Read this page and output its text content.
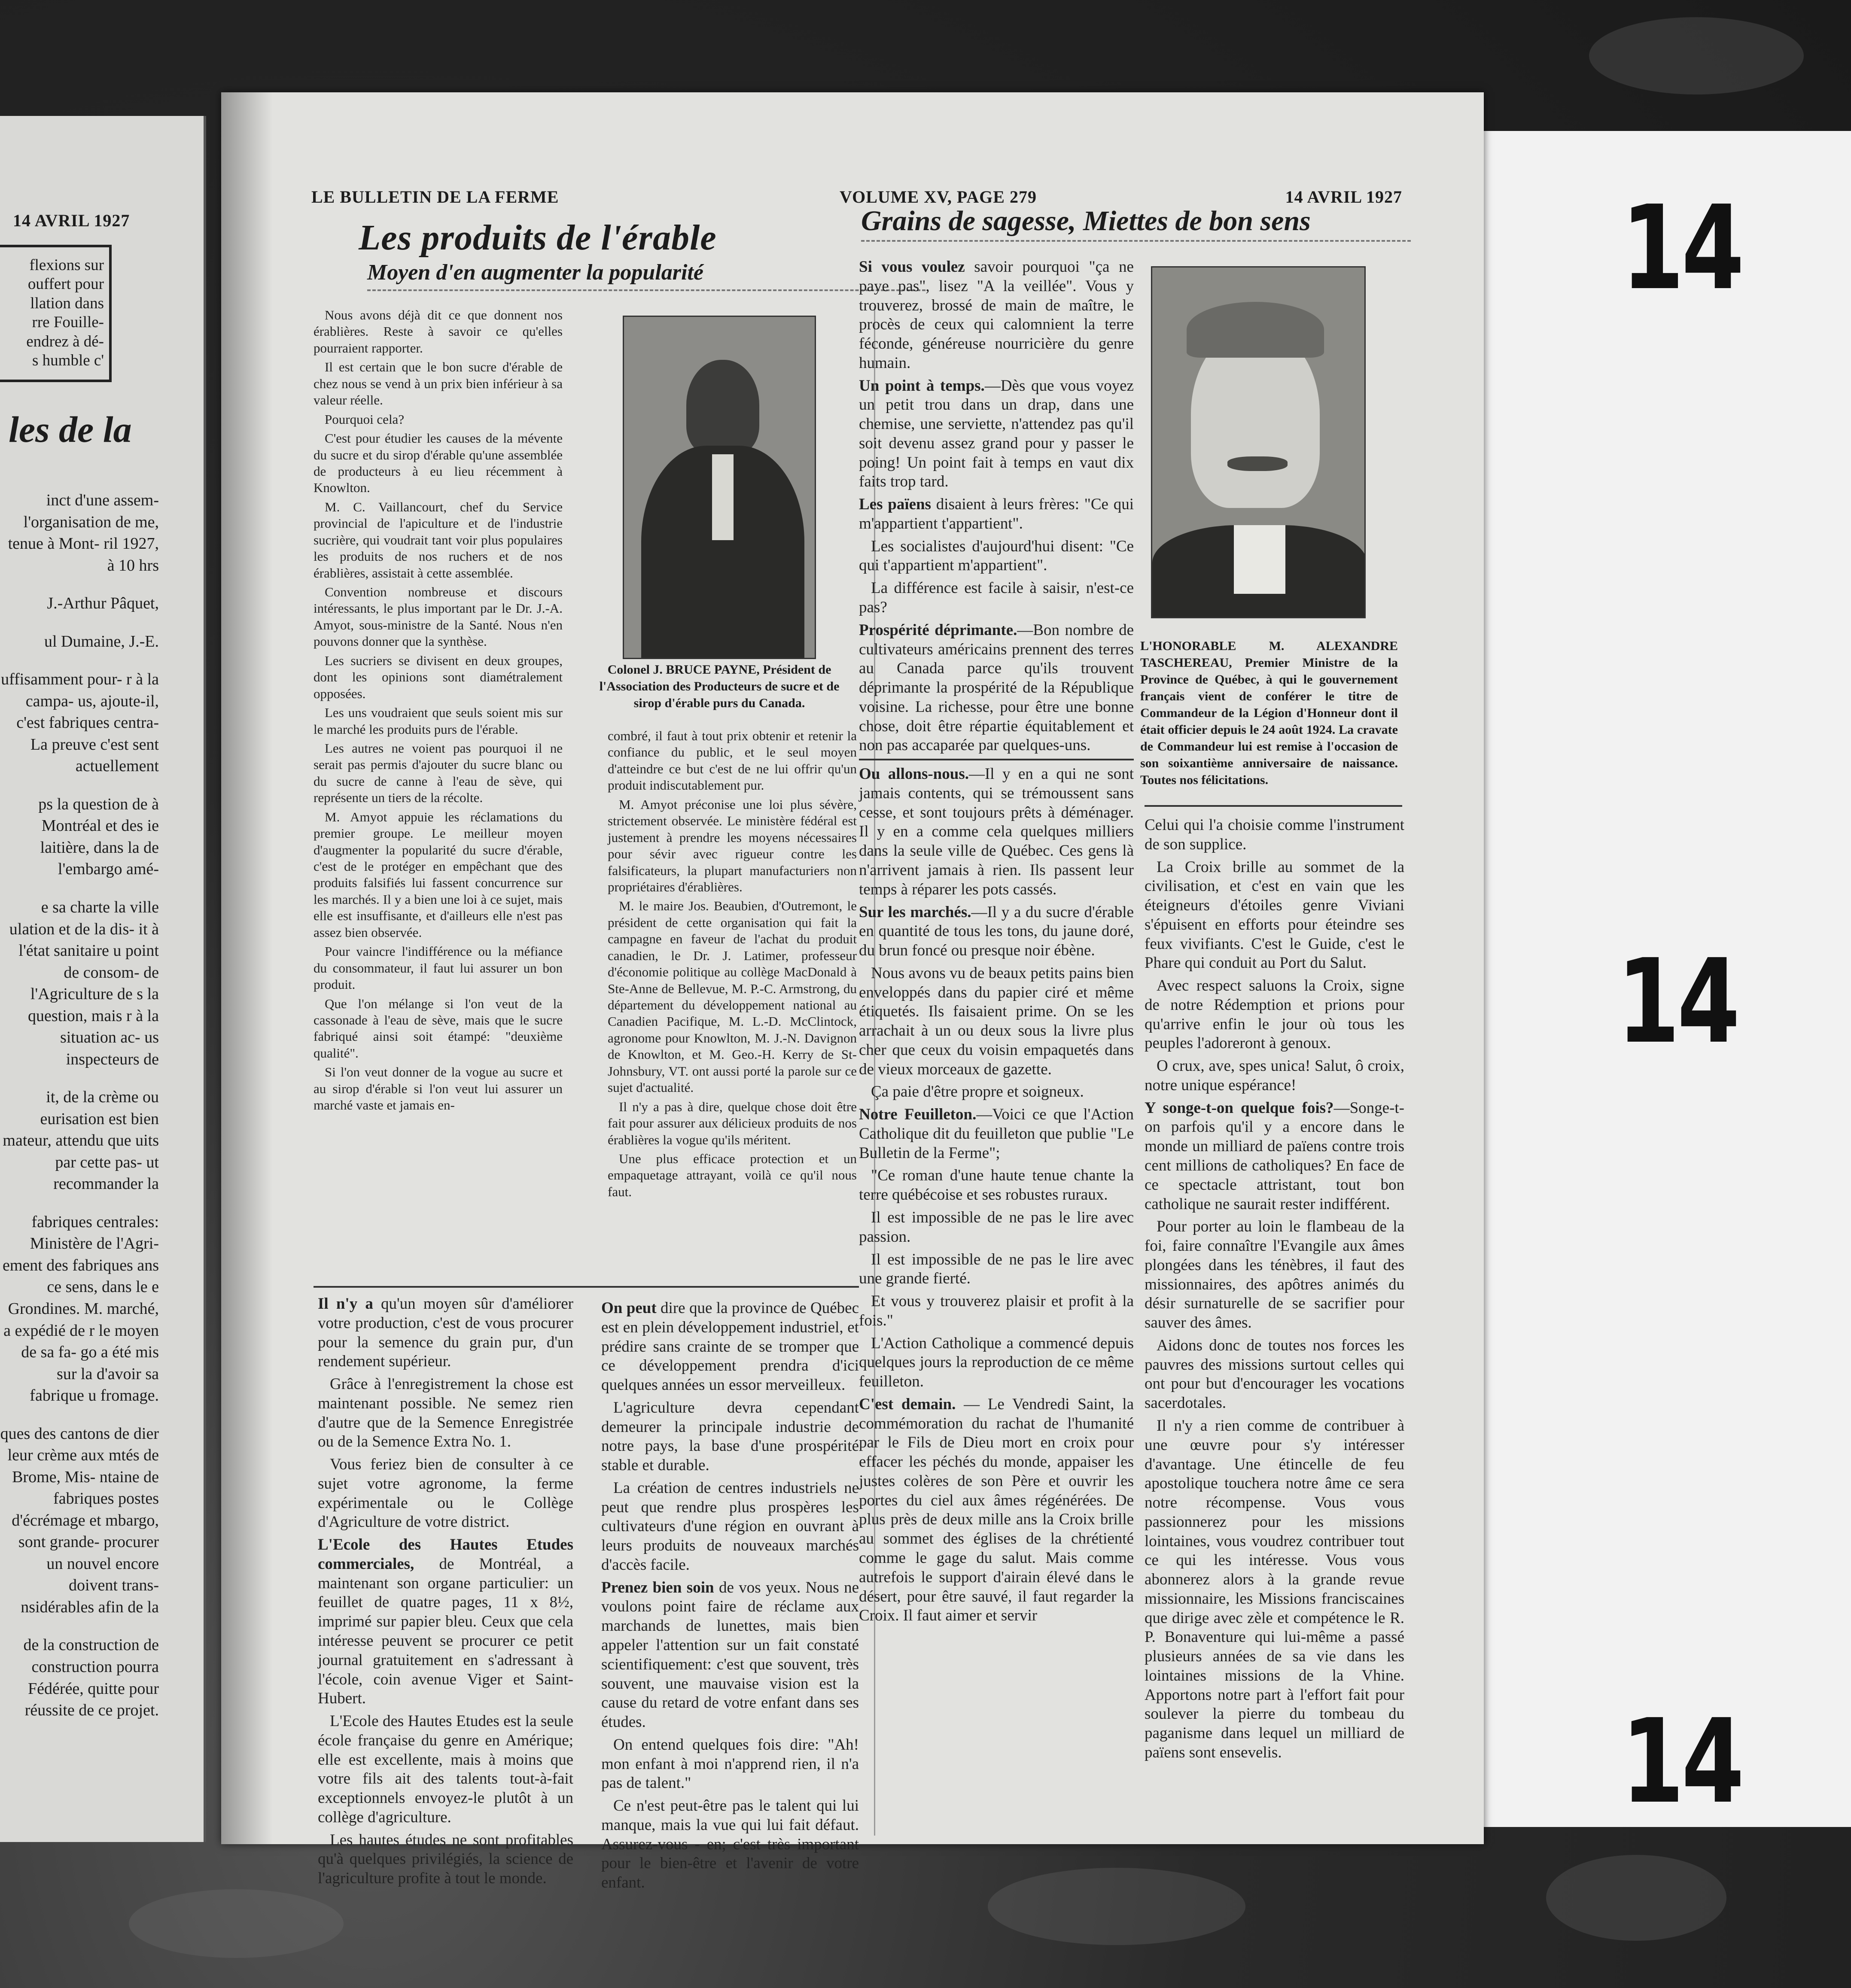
14 AVRIL 1927
flexions sur
ouffert pour
llation dans
rre Fouille-
endrez à dé-
s humble c'
les de la

inct d'une assem- l'organisation de me, tenue à Mont- ril 1927, à 10 hrs

J.-Arthur Pâquet,

ul Dumaine, J.-E.

uffisamment pour- r à la campa- us, ajoute-il, c'est fabriques centra- La preuve c'est sent actuellement

ps la question de à Montréal et des ie laitière, dans la de l'embargo amé-

e sa charte la ville ulation et de la dis- it à l'état sanitaire u point de consom- de l'Agriculture de s la question, mais r à la situation ac- us inspecteurs de

it, de la crème ou eurisation est bien mateur, attendu que uits par cette pas- ut recommander la

fabriques centrales: Ministère de l'Agri- ement des fabriques ans ce sens, dans le e Grondines. M. marché, a expédié de r le moyen de sa fa- go a été mis sur la d'avoir sa fabrique u fromage.

ques des cantons de dier leur crème aux mtés de Brome, Mis- ntaine de fabriques postes d'écrémage et mbargo, sont grande- procurer un nouvel encore doivent trans- nsidérables afin de la

de la construction de construction pourra Fédérée, quitte pour réussite de ce projet.

14
14
14
LE BULLETIN DE LA FERME	VOLUME XV, PAGE 279	14 AVRIL 1927
Les produits de l'érable
Moyen d'en augmenter la popularité
Grains de sagesse, Miettes de bon sens

Nous avons déjà dit ce que donnent nos érablières. Reste à savoir ce qu'elles pourraient rapporter.

Il est certain que le bon sucre d'érable de chez nous se vend à un prix bien inférieur à sa valeur réelle.

Pourquoi cela?

C'est pour étudier les causes de la mévente du sucre et du sirop d'érable qu'une assemblée de producteurs à eu lieu récemment à Knowlton.

M. C. Vaillancourt, chef du Service provincial de l'apiculture et de l'industrie sucrière, qui voudrait tant voir plus populaires les produits de nos ruchers et de nos érablières, assistait à cette assemblée.

Convention nombreuse et discours intéressants, le plus important par le Dr. J.-A. Amyot, sous-ministre de la Santé. Nous n'en pouvons donner que la synthèse.

Les sucriers se divisent en deux groupes, dont les opinions sont diamétralement opposées.

Les uns voudraient que seuls soient mis sur le marché les produits purs de l'érable.

Les autres ne voient pas pourquoi il ne serait pas permis d'ajouter du sucre blanc ou du sucre de canne à l'eau de sève, qui représente un tiers de la récolte.

M. Amyot appuie les réclamations du premier groupe. Le meilleur moyen d'augmenter la popularité du sucre d'érable, c'est de le protéger en empêchant que des produits falsifiés lui fassent concurrence sur les marchés. Il y a bien une loi à ce sujet, mais elle est insuffisante, et d'ailleurs elle n'est pas assez bien observée.

Pour vaincre l'indifférence ou la méfiance du consommateur, il faut lui assurer un bon produit.

Que l'on mélange si l'on veut de la cassonade à l'eau de sève, mais que le sucre fabriqué ainsi soit étampé: "deuxième qualité".

Si l'on veut donner de la vogue au sucre et au sirop d'érable si l'on veut lui assurer un marché vaste et jamais en-

Colonel J. BRUCE PAYNE, Président de l'Association des Producteurs de sucre et de sirop d'érable purs du Canada.

combré, il faut à tout prix obtenir et retenir la confiance du public, et le seul moyen d'atteindre ce but c'est de ne lui offrir qu'un produit indiscutablement pur.

M. Amyot préconise une loi plus sévère, strictement observée. Le ministère fédéral est justement à prendre les moyens nécessaires pour sévir avec rigueur contre les falsificateurs, la plupart manufacturiers non propriétaires d'érablières.

M. le maire Jos. Beaubien, d'Outremont, le président de cette organisation qui fait la campagne en faveur de l'achat du produit canadien, le Dr. J. Latimer, professeur d'économie politique au collège MacDonald à Ste-Anne de Bellevue, M. P.-C. Armstrong, du département du développement national au Canadien Pacifique, M. L.-D. McClintock, agronome pour Knowlton, M. J.-N. Davignon de Knowlton, et M. Geo.-H. Kerry de St-Johnsbury, VT. ont aussi porté la parole sur ce sujet d'actualité.

Il n'y a pas à dire, quelque chose doit être fait pour assurer aux délicieux produits de nos érablières la vogue qu'ils méritent.

Une plus efficace protection et un empaquetage attrayant, voilà ce qu'il nous faut.

Il n'y a qu'un moyen sûr d'améliorer votre production, c'est de vous procurer pour la semence du grain pur, d'un rendement supérieur.

Grâce à l'enregistrement la chose est maintenant possible. Ne semez rien d'autre que de la Semence Enregistrée ou de la Semence Extra No. 1.

Vous feriez bien de consulter à ce sujet votre agronome, la ferme expérimentale ou le Collège d'Agriculture de votre district.

L'Ecole des Hautes Etudes commerciales, de Montréal, a maintenant son organe particulier: un feuillet de quatre pages, 11 x 8½, imprimé sur papier bleu. Ceux que cela intéresse peuvent se procurer ce petit journal gratuitement en s'adressant à l'école, coin avenue Viger et Saint-Hubert.

L'Ecole des Hautes Etudes est la seule école française du genre en Amérique; elle est excellente, mais à moins que votre fils ait des talents tout-à-fait exceptionnels envoyez-le plutôt à un collège d'agriculture.

Les hautes études ne sont profitables qu'à quelques privilégiés, la science de l'agriculture profite à tout le monde.

On peut dire que la province de Québec est en plein développement industriel, et prédire sans crainte de se tromper que ce développement prendra d'ici quelques années un essor merveilleux.

L'agriculture devra cependant demeurer la principale industrie de notre pays, la base d'une prospérité stable et durable.

La création de centres industriels ne peut que rendre plus prospères les cultivateurs d'une région en ouvrant à leurs produits de nouveaux marchés d'accès facile.

Prenez bien soin de vos yeux. Nous ne voulons point faire de réclame aux marchands de lunettes, mais bien appeler l'attention sur un fait constaté scientifiquement: c'est que souvent, très souvent, une mauvaise vision est la cause du retard de votre enfant dans ses études.

On entend quelques fois dire: "Ah! mon enfant à moi n'apprend rien, il n'a pas de talent."

Ce n'est peut-être pas le talent qui lui manque, mais la vue qui lui fait défaut. Assurez-vous - en; c'est très important pour le bien-être et l'avenir de votre enfant.

Si vous voulez savoir pourquoi "ça ne paye pas", lisez "A la veillée". Vous y trouverez, brossé de main de maître, le procès de ceux qui calomnient la terre féconde, généreuse nourricière du genre humain.

Un point à temps.—Dès que vous voyez un petit trou dans un drap, dans une chemise, une serviette, n'attendez pas qu'il soit devenu assez grand pour y passer le poing! Un point fait à temps en vaut dix faits trop tard.

Les païens disaient à leurs frères: "Ce qui m'appartient t'appartient".

Les socialistes d'aujourd'hui disent: "Ce qui t'appartient m'appartient".

La différence est facile à saisir, n'est-ce pas?

Prospérité déprimante.—Bon nombre de cultivateurs américains prennent des terres au Canada parce qu'ils trouvent déprimante la prospérité de la République voisine. La richesse, pour être une bonne chose, doit être répartie équitablement et non pas accaparée par quelques-uns.

Ou allons-nous.—Il y en a qui ne sont jamais contents, qui se trémoussent sans cesse, et sont toujours prêts à déménager. Il y en a comme cela quelques milliers dans la seule ville de Québec. Ces gens là n'arrivent jamais à rien. Ils passent leur temps à réparer les pots cassés.

Sur les marchés.—Il y a du sucre d'érable en quantité de tous les tons, du jaune doré, du brun foncé ou presque noir ébène.

Nous avons vu de beaux petits pains bien enveloppés dans du papier ciré et même étiquetés. Ils faisaient prime. On se les arrachait à un ou deux sous la livre plus cher que ceux du voisin empaquetés dans de vieux morceaux de gazette.

Ça paie d'être propre et soigneux.

Notre Feuilleton.—Voici ce que l'Action Catholique dit du feuilleton que publie "Le Bulletin de la Ferme";

"Ce roman d'une haute tenue chante la terre québécoise et ses robustes ruraux.

Il est impossible de ne pas le lire avec passion.

Il est impossible de ne pas le lire avec une grande fierté.

Et vous y trouverez plaisir et profit à la fois."

L'Action Catholique a commencé depuis quelques jours la reproduction de ce même feuilleton.

C'est demain. — Le Vendredi Saint, la commémoration du rachat de l'humanité par le Fils de Dieu mort en croix pour effacer les péchés du monde, appaiser les justes colères de son Père et ouvrir les portes du ciel aux âmes régénérées. De plus près de deux mille ans la Croix brille au sommet des églises de la chrétienté comme le gage du salut. Mais comme autrefois le support d'airain élevé dans le désert, pour être sauvé, il faut regarder la Croix. Il faut aimer et servir

L'HONORABLE M. ALEXANDRE TASCHEREAU, Premier Ministre de la Province de Québec, à qui le gouvernement français vient de conférer le titre de Commandeur de la Légion d'Honneur dont il était officier depuis le 24 août 1924. La cravate de Commandeur lui est remise à l'occasion de son soixantième anniversaire de naissance. Toutes nos félicitations.

Celui qui l'a choisie comme l'instrument de son supplice.

La Croix brille au sommet de la civilisation, et c'est en vain que les éteigneurs d'étoiles genre Viviani s'épuisent en efforts pour éteindre ses feux vivifiants. C'est le Guide, c'est le Phare qui conduit au Port du Salut.

Avec respect saluons la Croix, signe de notre Rédemption et prions pour qu'arrive enfin le jour où tous les peuples l'adoreront à genoux.

O crux, ave, spes unica! Salut, ô croix, notre unique espérance!

Y songe-t-on quelque fois?—Songe-t-on parfois qu'il y a encore dans le monde un milliard de païens contre trois cent millions de catholiques? En face de ce spectacle attristant, tout bon catholique ne saurait rester indifférent.

Pour porter au loin le flambeau de la foi, faire connaître l'Evangile aux âmes plongées dans les ténèbres, il faut des missionnaires, des apôtres animés du désir surnaturelle de se sacrifier pour sauver des âmes.

Aidons donc de toutes nos forces les pauvres des missions surtout celles qui ont pour but d'encourager les vocations sacerdotales.

Il n'y a rien comme de contribuer à une œuvre pour s'y intéresser d'avantage. Une étincelle de feu apostolique touchera notre âme ce sera notre récompense. Vous vous passionnerez pour les missions lointaines, vous voudrez contribuer tout ce qui les intéresse. Vous vous abonnerez alors à la grande revue missionnaire, les Missions franciscaines que dirige avec zèle et compétence le R. P. Bonaventure qui lui-même a passé plusieurs années de sa vie dans les lointaines missions de la Vhine. Apportons notre part à l'effort fait pour soulever la pierre du tombeau du paganisme dans lequel un milliard de païens sont ensevelis.
